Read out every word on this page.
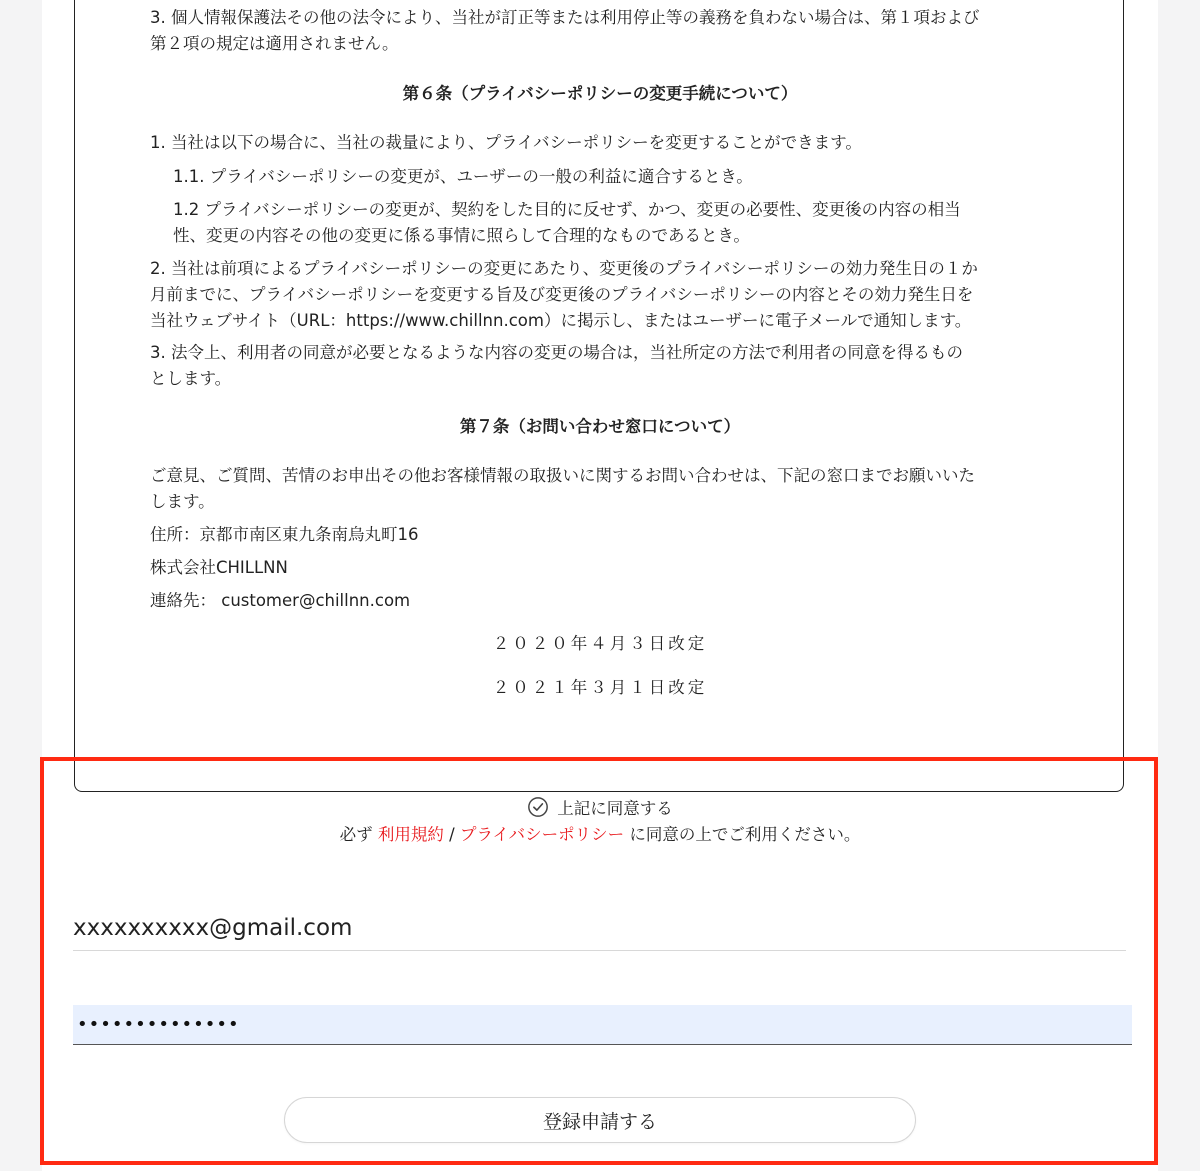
3. 個人情報保護法その他の法令により、当社が訂正等または利用停止等の義務を負わない場合は、第１項および
第２項の規定は適用されません。
第６条（プライバシーポリシーの変更手続について）
1. 当社は以下の場合に、当社の裁量により、プライバシーポリシーを変更することができます。
1.1. プライバシーポリシーの変更が、ユーザーの一般の利益に適合するとき。
1.2 プライバシーポリシーの変更が、契約をした目的に反せず、かつ、変更の必要性、変更後の内容の相当
性、変更の内容その他の変更に係る事情に照らして合理的なものであるとき。
2. 当社は前項によるプライバシーポリシーの変更にあたり、変更後のプライバシーポリシーの効力発生日の１か
月前までに、プライバシーポリシーを変更する旨及び変更後のプライバシーポリシーの内容とその効力発生日を
当社ウェブサイト（URL：https://www.chillnn.com）に掲示し、またはユーザーに電子メールで通知します。
3. 法令上、利用者の同意が必要となるような内容の変更の場合は，当社所定の方法で利用者の同意を得るもの
とします。
第７条（お問い合わせ窓口について）
ご意見、ご質問、苦情のお申出その他お客様情報の取扱いに関するお問い合わせは、下記の窓口までお願いいた
します。
住所：京都市南区東九条南烏丸町16
株式会社CHILLNN
連絡先： customer@chillnn.com
２０２０年４月３日改定
２０２１年３月１日改定
上記に同意する
必ず 利用規約 / プライバシーポリシー に同意の上でご利用ください。
xxxxxxxxxx@gmail.com
••••••••••••••
登録申請する
